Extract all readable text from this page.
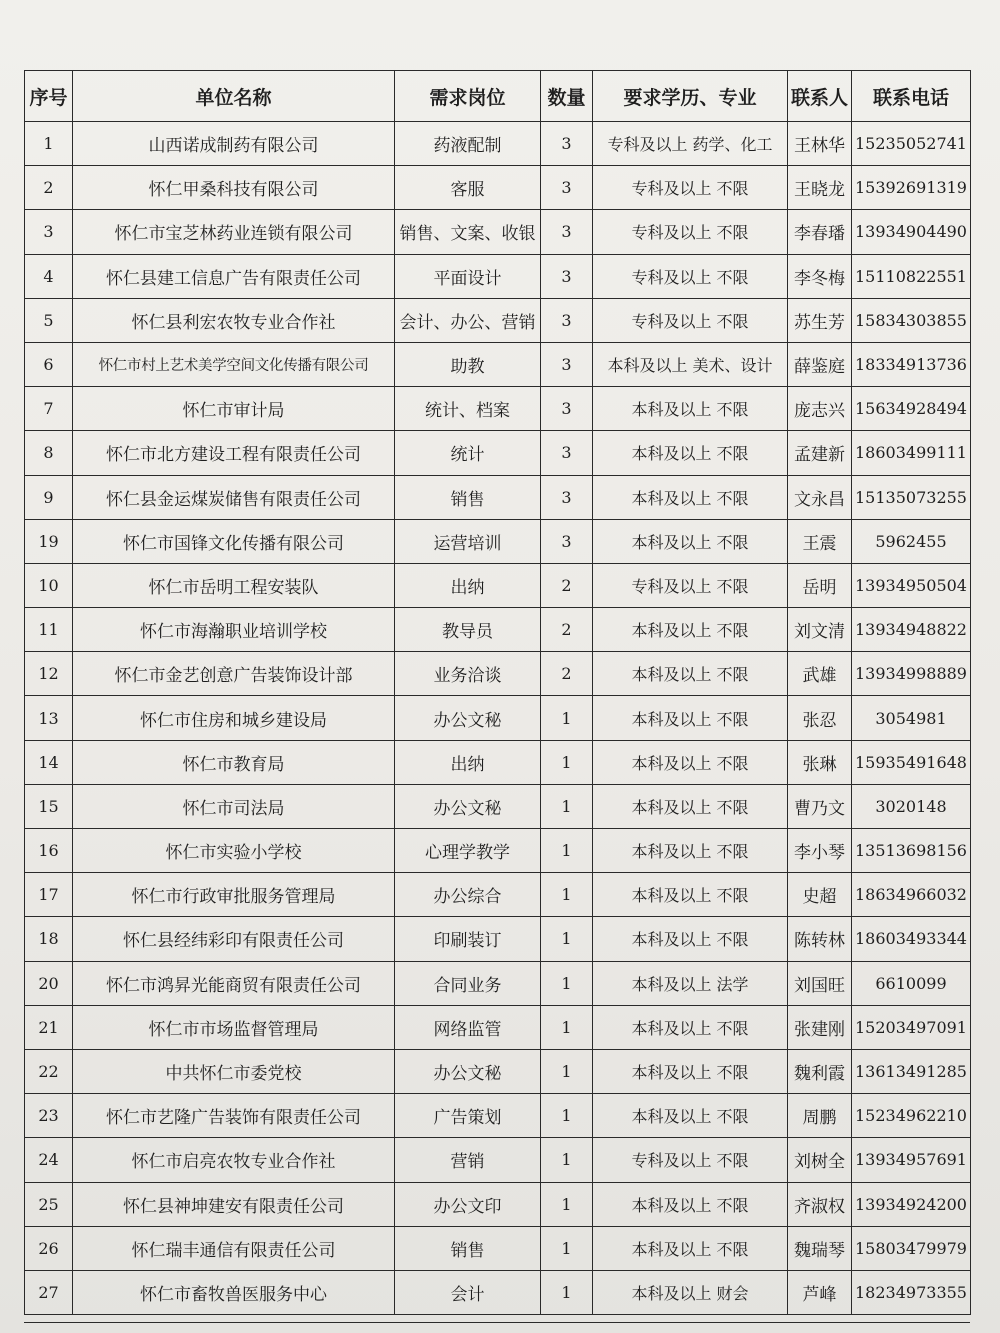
序号	单位名称	需求岗位	数量	要求学历、专业	联系人	联系电话
1	山西诺成制药有限公司	药液配制	3	专科及以上 药学、化工	王林华	15235052741
2	怀仁甲桑科技有限公司	客服	3	专科及以上 不限	王晓龙	15392691319
3	怀仁市宝芝林药业连锁有限公司	销售、文案、收银	3	专科及以上 不限	李春璠	13934904490
4	怀仁县建工信息广告有限责任公司	平面设计	3	专科及以上 不限	李冬梅	15110822551
5	怀仁县利宏农牧专业合作社	会计、办公、营销	3	专科及以上 不限	苏生芳	15834303855
6	怀仁市村上艺术美学空间文化传播有限公司	助教	3	本科及以上 美术、设计	薛鉴庭	18334913736
7	怀仁市审计局	统计、档案	3	本科及以上 不限	庞志兴	15634928494
8	怀仁市北方建设工程有限责任公司	统计	3	本科及以上 不限	孟建新	18603499111
9	怀仁县金运煤炭储售有限责任公司	销售	3	本科及以上 不限	文永昌	15135073255
19	怀仁市国锋文化传播有限公司	运营培训	3	本科及以上 不限	王震	5962455
10	怀仁市岳明工程安装队	出纳	2	专科及以上 不限	岳明	13934950504
11	怀仁市海瀚职业培训学校	教导员	2	本科及以上 不限	刘文清	13934948822
12	怀仁市金艺创意广告装饰设计部	业务洽谈	2	本科及以上 不限	武雄	13934998889
13	怀仁市住房和城乡建设局	办公文秘	1	本科及以上 不限	张忍	3054981
14	怀仁市教育局	出纳	1	本科及以上 不限	张琳	15935491648
15	怀仁市司法局	办公文秘	1	本科及以上 不限	曹乃文	3020148
16	怀仁市实验小学校	心理学教学	1	本科及以上 不限	李小琴	13513698156
17	怀仁市行政审批服务管理局	办公综合	1	本科及以上 不限	史超	18634966032
18	怀仁县经纬彩印有限责任公司	印刷装订	1	本科及以上 不限	陈转林	18603493344
20	怀仁市鸿昇光能商贸有限责任公司	合同业务	1	本科及以上 法学	刘国旺	6610099
21	怀仁市市场监督管理局	网络监管	1	本科及以上 不限	张建刚	15203497091
22	中共怀仁市委党校	办公文秘	1	本科及以上 不限	魏利霞	13613491285
23	怀仁市艺隆广告装饰有限责任公司	广告策划	1	本科及以上 不限	周鹏	15234962210
24	怀仁市启亮农牧专业合作社	营销	1	专科及以上 不限	刘树全	13934957691
25	怀仁县神坤建安有限责任公司	办公文印	1	本科及以上 不限	齐淑权	13934924200
26	怀仁瑞丰通信有限责任公司	销售	1	本科及以上 不限	魏瑞琴	15803479979
27	怀仁市畜牧兽医服务中心	会计	1	本科及以上 财会	芦峰	18234973355
